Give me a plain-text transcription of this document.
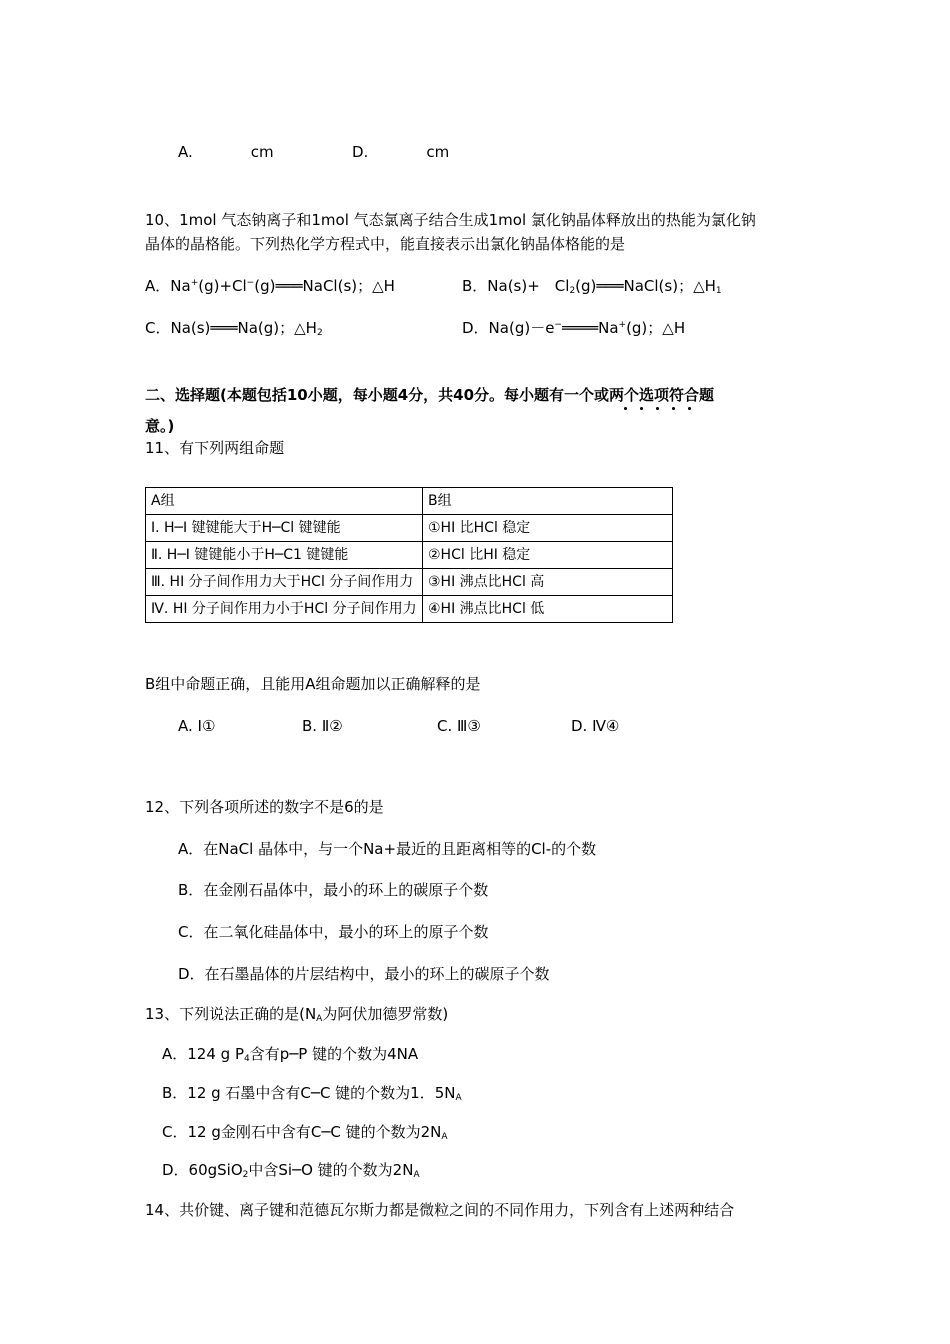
A.	cm	D.	cm
10、1mol 气态钠离子和1mol 气态氯离子结合生成1mol 氯化钠晶体释放出的热能为氯化钠
晶体的晶格能。下列热化学方程式中，能直接表示出氯化钠晶体格能的是
A．Na+(g)+Cl−(g)═══NaCl(s)；△H	B．Na(s)+　$Cl_2(g)═══NaCl(s)$；$\triangle H_1$
C．Na(s)═══Na(g)；$\triangle H_2$	D．Na(g)－e−════Na+(g)；△H
二、选择题(本题包括10小题，每小题4分，共40分。每小题有一个或两个选项符合题
意。)
11、有下列两组命题
A组	B组
Ⅰ. H─I 键键能大于H─Cl 键键能	①HI 比HCl 稳定
Ⅱ. H─I 键键能小于H─C1 键键能	②HCl 比HI 稳定
Ⅲ. HI 分子间作用力大于HCl 分子间作用力	③HI 沸点比HCl 高
Ⅳ. HI 分子间作用力小于HCl 分子间作用力	④HI 沸点比HCl 低
B组中命题正确，且能用A组命题加以正确解释的是
A. Ⅰ①	B. Ⅱ②	C. Ⅲ③	D. Ⅳ④
12、下列各项所述的数字不是6的是
A．在NaCl 晶体中，与一个Na+最近的且距离相等的Cl-的个数
B．在金刚石晶体中，最小的环上的碳原子个数
C．在二氧化硅晶体中，最小的环上的原子个数
D．在石墨晶体的片层结构中，最小的环上的碳原子个数
13、下列说法正确的是($N_A$为阿伏加德罗常数)
A．124 g $P_4$含有p─P 键的个数为4NA
B．12 g 石墨中含有C─C 键的个数为1．$5N_A$
C．12 g金刚石中含有C─C 键的个数为$2N_A$
D．60gSiO$_2$中含Si─O 键的个数为$2N_A$
14、共价键、离子键和范德瓦尔斯力都是微粒之间的不同作用力，下列含有上述两种结合
